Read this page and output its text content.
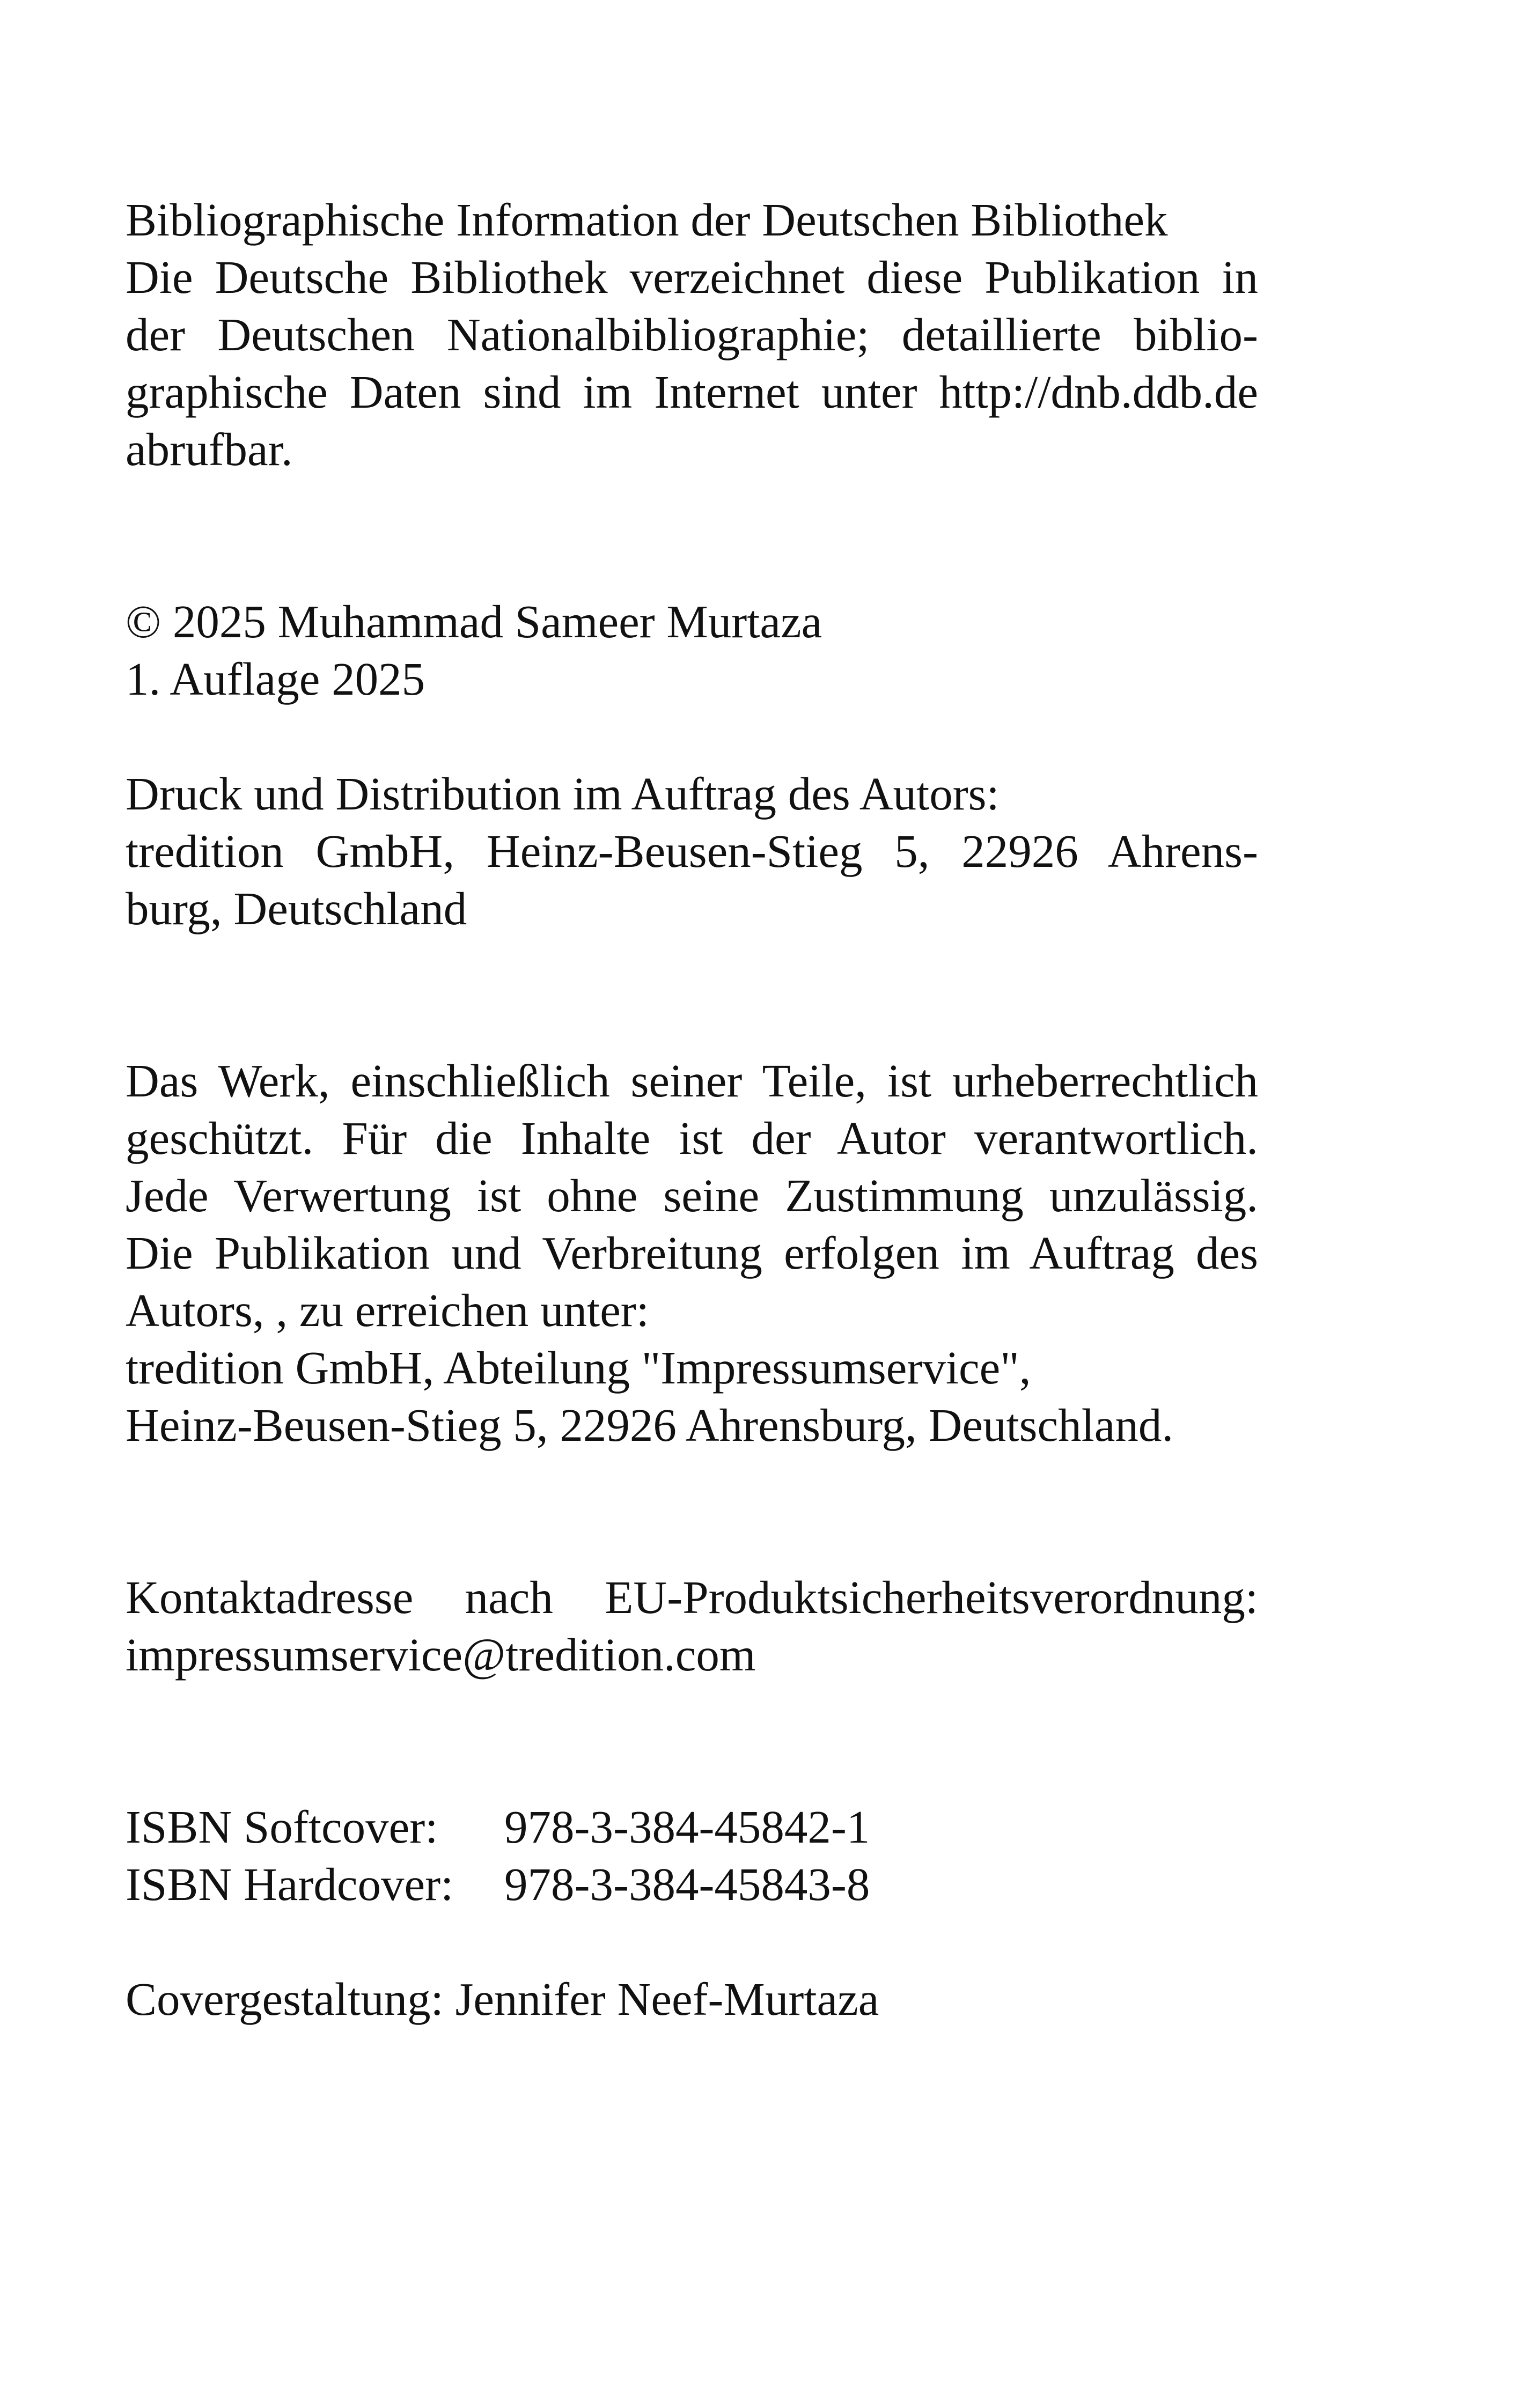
Bibliographische Information der Deutschen Bibliothek
Die Deutsche Bibliothek verzeichnet diese Publikation in
der Deutschen Nationalbibliographie; detaillierte biblio-
graphische Daten sind im Internet unter http://dnb.ddb.de
abrufbar.
© 2025 Muhammad Sameer Murtaza
1. Auflage 2025
Druck und Distribution im Auftrag des Autors:
tredition GmbH, Heinz-Beusen-Stieg 5, 22926 Ahrens-
burg, Deutschland
Das Werk, einschließlich seiner Teile, ist urheberrechtlich
geschützt. Für die Inhalte ist der Autor verantwortlich.
Jede Verwertung ist ohne seine Zustimmung unzulässig.
Die Publikation und Verbreitung erfolgen im Auftrag des
Autors, , zu erreichen unter:
tredition GmbH, Abteilung "Impressumservice",
Heinz-Beusen-Stieg 5, 22926 Ahrensburg, Deutschland.
Kontaktadresse nach EU-Produktsicherheitsverordnung:
impressumservice@tredition.com
ISBN Softcover: 978-3-384-45842-1
ISBN Hardcover: 978-3-384-45843-8
Covergestaltung: Jennifer Neef-Murtaza
